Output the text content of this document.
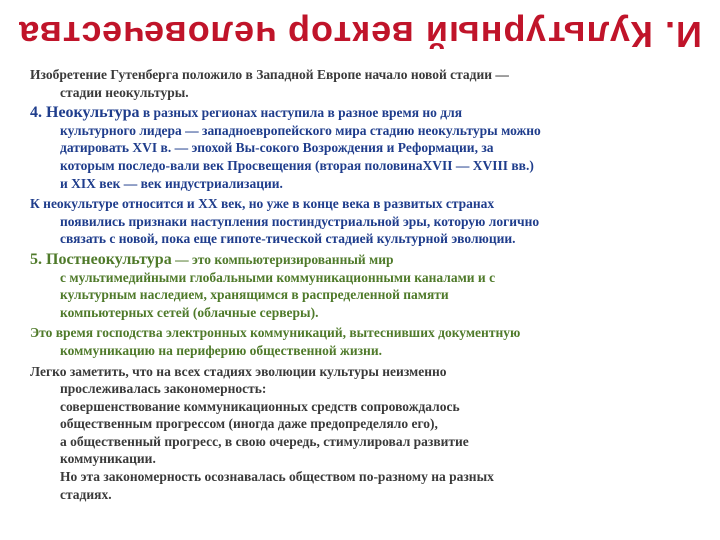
И. Культурный вектор человечества

Изобретение Гутенберга положило в Западной Европе начало новой стадии —
стадии неокультуры.

4. Неокультура в разных регионах наступила в разное время но для
культурного лидера — западноевропейского мира стадию неокультуры можно
датировать XVI в. — эпохой Вы-сокого Возрождения и Реформации, за
которым последо-вали век Просвещения (вторая половинаXVII — XVIII вв.)
и XIX век — век индустриализации.

К неокультуре относится и XX век, но уже в конце века в развитых странах
появились признаки наступления постиндустриальной эры, которую логично
связать с новой, пока еще гипоте-тической стадией культурной эволюции.

5. Постнеокультура — это компьютеризированный мир
с мультимедийными глобальными коммуникационными каналами и с
культурным наследием, хранящимся в распределенной памяти
компьютерных сетей (облачные серверы).

Это время господства электронных коммуникаций, вытеснивших документную
коммуникацию на периферию общественной жизни.

Легко заметить, что на всех стадиях эволюции культуры неизменно
прослеживалась закономерность:
совершенствование коммуникационных средств сопровождалось
общественным прогрессом (иногда даже предопределяло его),
а общественный прогресс, в свою очередь, стимулировал развитие
коммуникации.
Но эта закономерность осознавалась обществом по-разному на разных
стадиях.
